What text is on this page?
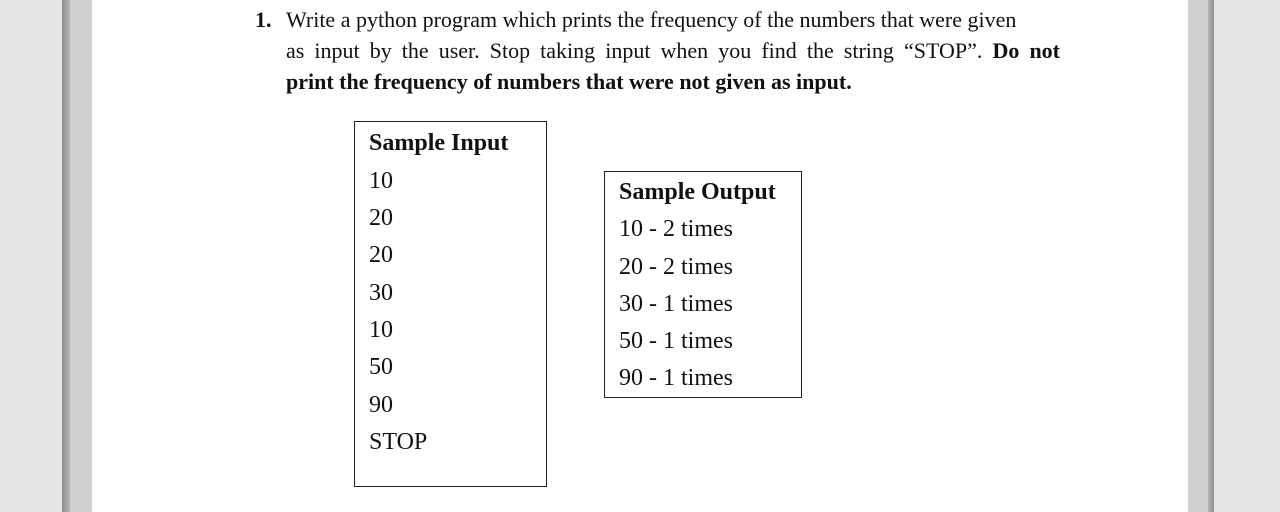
1. Write a python program which prints the frequency of the numbers that were given
as input by the user. Stop taking input when you find the string “STOP”. Do not
print the frequency of numbers that were not given as input.
Sample Input
10
20
20
30
10
50
90
STOP
Sample Output
10 - 2 times
20 - 2 times
30 - 1 times
50 - 1 times
90 - 1 times
